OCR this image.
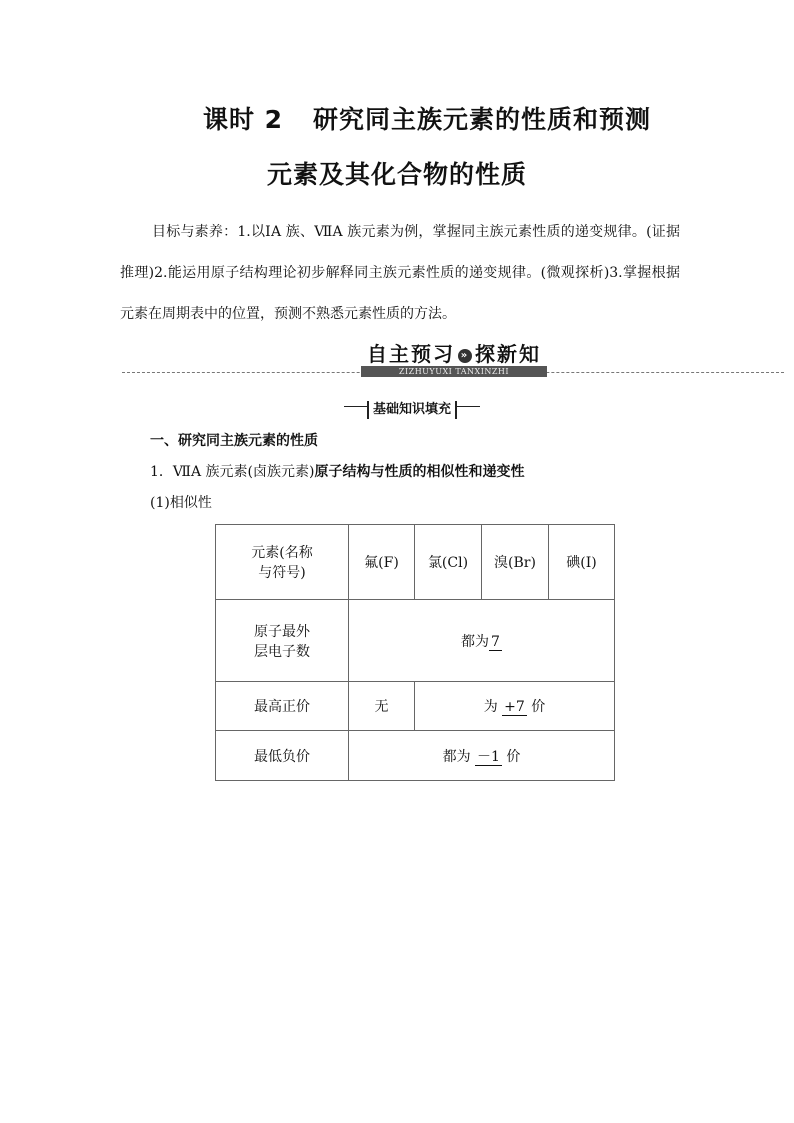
课时 2 研究同主族元素的性质和预测
元素及其化合物的性质
目标与素养：1.以ⅠA 族、ⅦA 族元素为例，掌握同主族元素性质的递变规律。(证据推理)2.能运用原子结构理论初步解释同主族元素性质的递变规律。(微观探析)3.掌握根据元素在周期表中的位置，预测不熟悉元素性质的方法。
自主预习 » 探新知
ZIZHUYUXI TANXINZHI
基础知识填充
一、研究同主族元素的性质
1．ⅦA 族元素(卤族元素)原子结构与性质的相似性和递变性
(1)相似性
元素(名称
与符号)	氟(F)	氯(Cl)	溴(Br)	碘(I)
原子最外
层电子数	都为 7			
最高正价	无	为 +7 价		
最低负价	都为 －1 价			
